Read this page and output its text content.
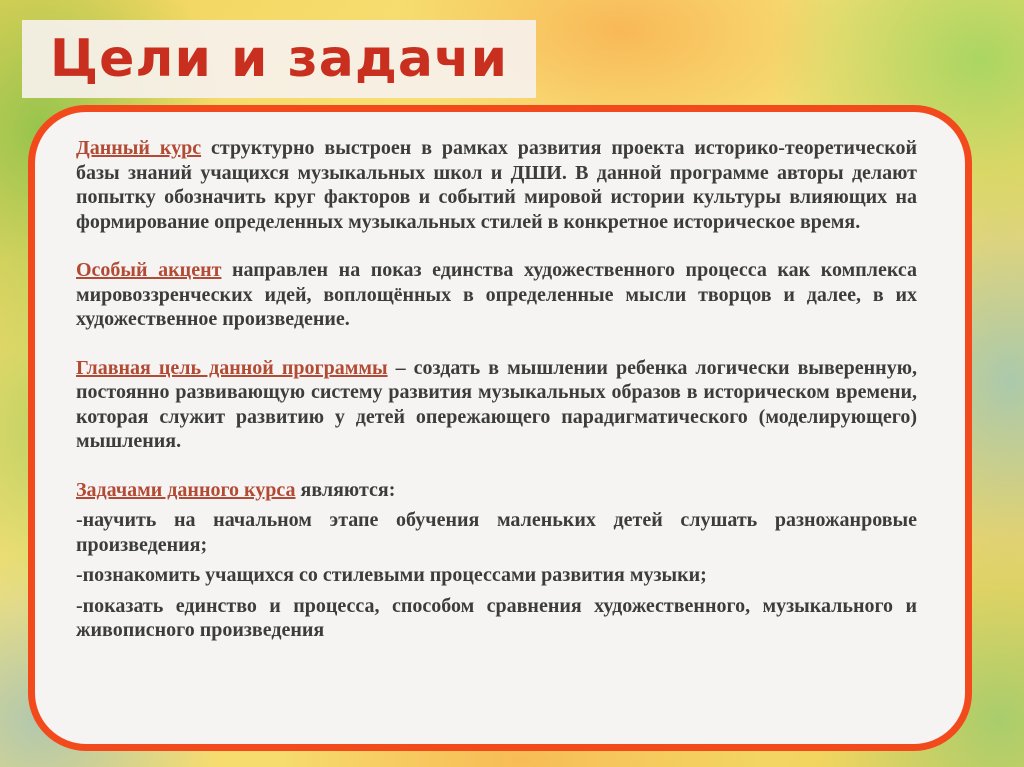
Цели и задачи

Данный курс структурно выстроен в рамках развития проекта историко-теоретической базы знаний учащихся музыкальных школ и ДШИ. В данной программе авторы делают попытку обозначить круг факторов и событий мировой истории культуры влияющих на формирование определенных музыкальных стилей в конкретное историческое время.

Особый акцент направлен на показ единства художественного процесса как комплекса мировоззренческих идей, воплощённых в определенные мысли творцов и далее, в их художественное произведение.

Главная цель данной программы – создать в мышлении ребенка логически выверенную, постоянно развивающую систему развития музыкальных образов в историческом времени, которая служит развитию у детей опережающего парадигматического (моделирующего) мышления.

Задачами данного курса являются:

-научить на начальном этапе обучения маленьких детей слушать разножанровые произведения;
-познакомить учащихся со стилевыми процессами развития музыки;
-показать единство и процесса, способом сравнения художественного, музыкального и живописного произведения
